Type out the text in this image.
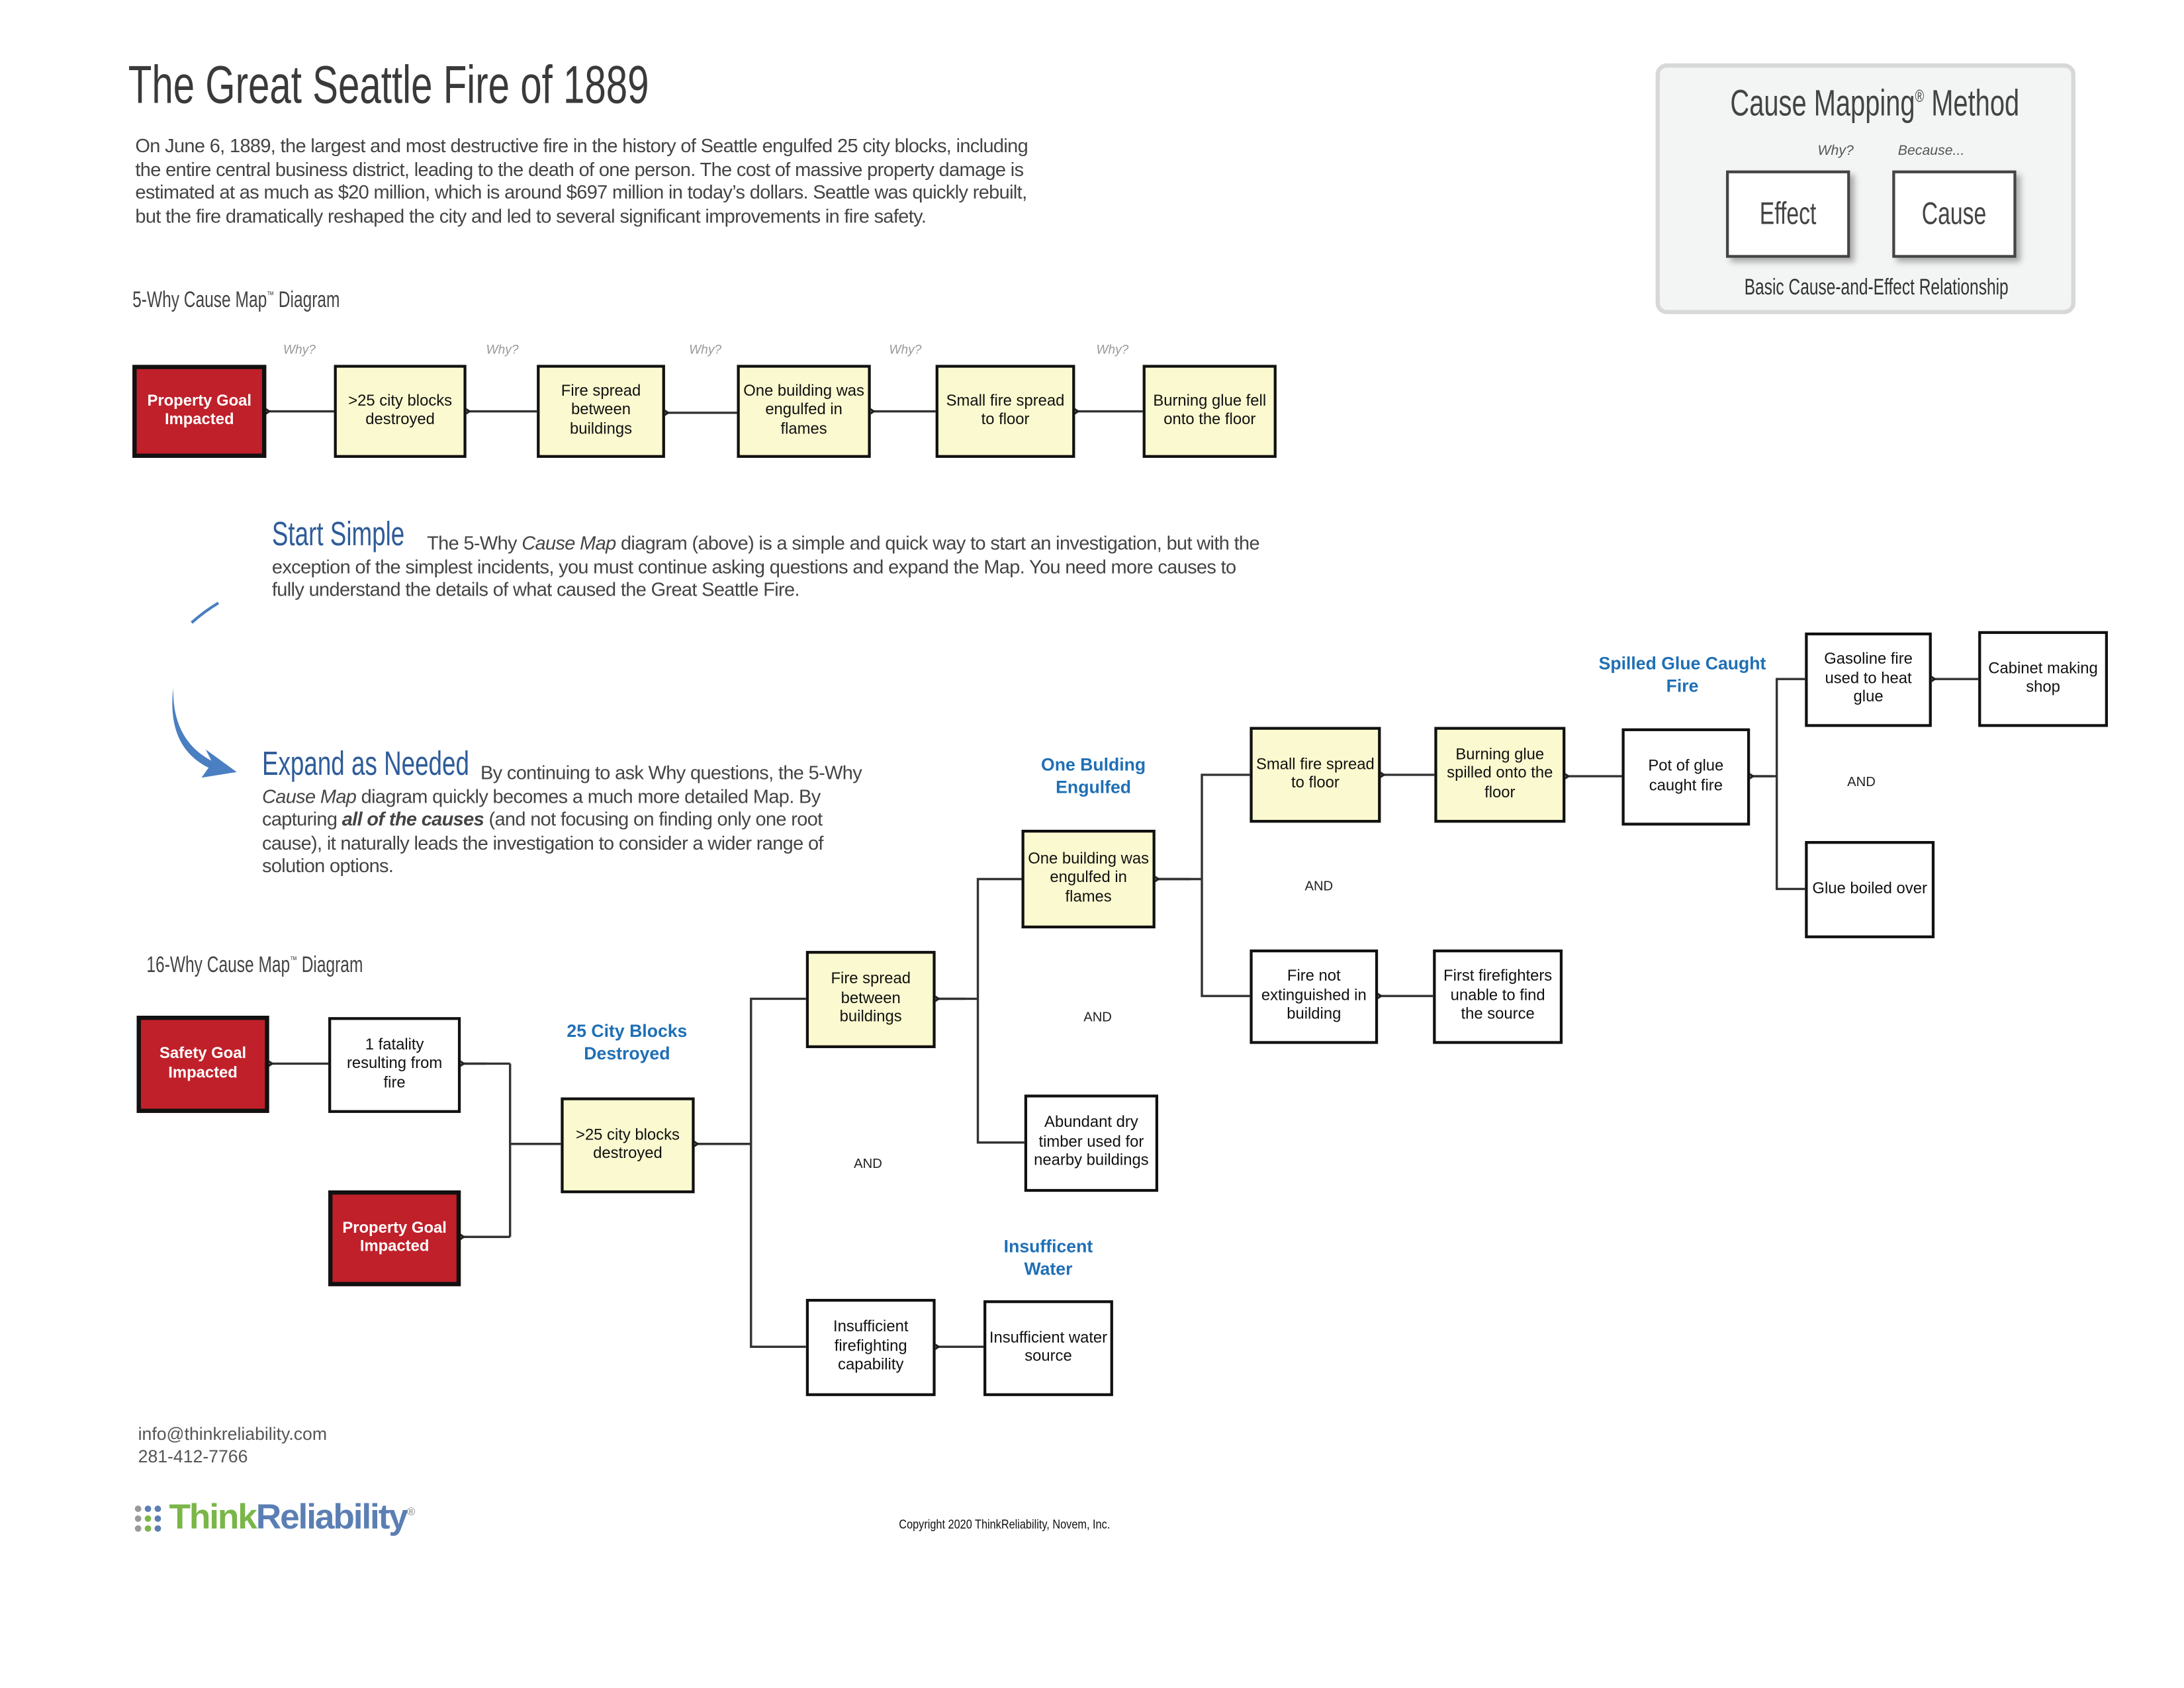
The Great Seattle Fire of 1889
On June 6, 1889, the largest and most destructive fire in the history of Seattle engulfed 25 city blocks, including the entire central business district, leading to the death of one person. The cost of massive property damage is estimated at as much as $20 million, which is around $697 million in today’s dollars. Seattle was quickly rebuilt, but the fire dramatically reshaped the city and led to several significant improvements in fire safety.
Cause Mapping® Method
Why?	Because...
Effect	Cause
Basic Cause-and-Effect Relationship
5-Why Cause Map™ Diagram
Why?	Why?	Why?	Why?	Why?
Property Goal Impacted
>25 city blocks destroyed
Fire spread between buildings
One building was engulfed in flames
Small fire spread to floor
Burning glue fell onto the floor
Start Simple	The 5-Why Cause Map diagram (above) is a simple and quick way to start an investigation, but with the exception of the simplest incidents, you must continue asking questions and expand the Map. You need more causes to fully understand the details of what caused the Great Seattle Fire.
Expand as Needed	By continuing to ask Why questions, the 5-Why Cause Map diagram quickly becomes a much more detailed Map. By capturing all of the causes (and not focusing on finding only one root cause), it naturally leads the investigation to consider a wider range of solution options.
16-Why Cause Map™ Diagram
25 City Blocks Destroyed
One Bulding Engulfed
Insufficent Water
Spilled Glue Caught Fire
AND
AND
AND
AND
Safety Goal Impacted
1 fatality resulting from fire
Property Goal Impacted
>25 city blocks destroyed
Fire spread between buildings
Insufficient firefighting capability
One building was engulfed in flames
Abundant dry timber used for nearby buildings
Insufficient water source
Small fire spread to floor
Fire not extinguished in building
First firefighters unable to find the source
Burning glue spilled onto the floor
Pot of glue caught fire
Gasoline fire used to heat glue
Cabinet making shop
Glue boiled over
info@thinkreliability.com
281-412-7766
ThinkReliability®
Copyright 2020 ThinkReliability, Novem, Inc.
